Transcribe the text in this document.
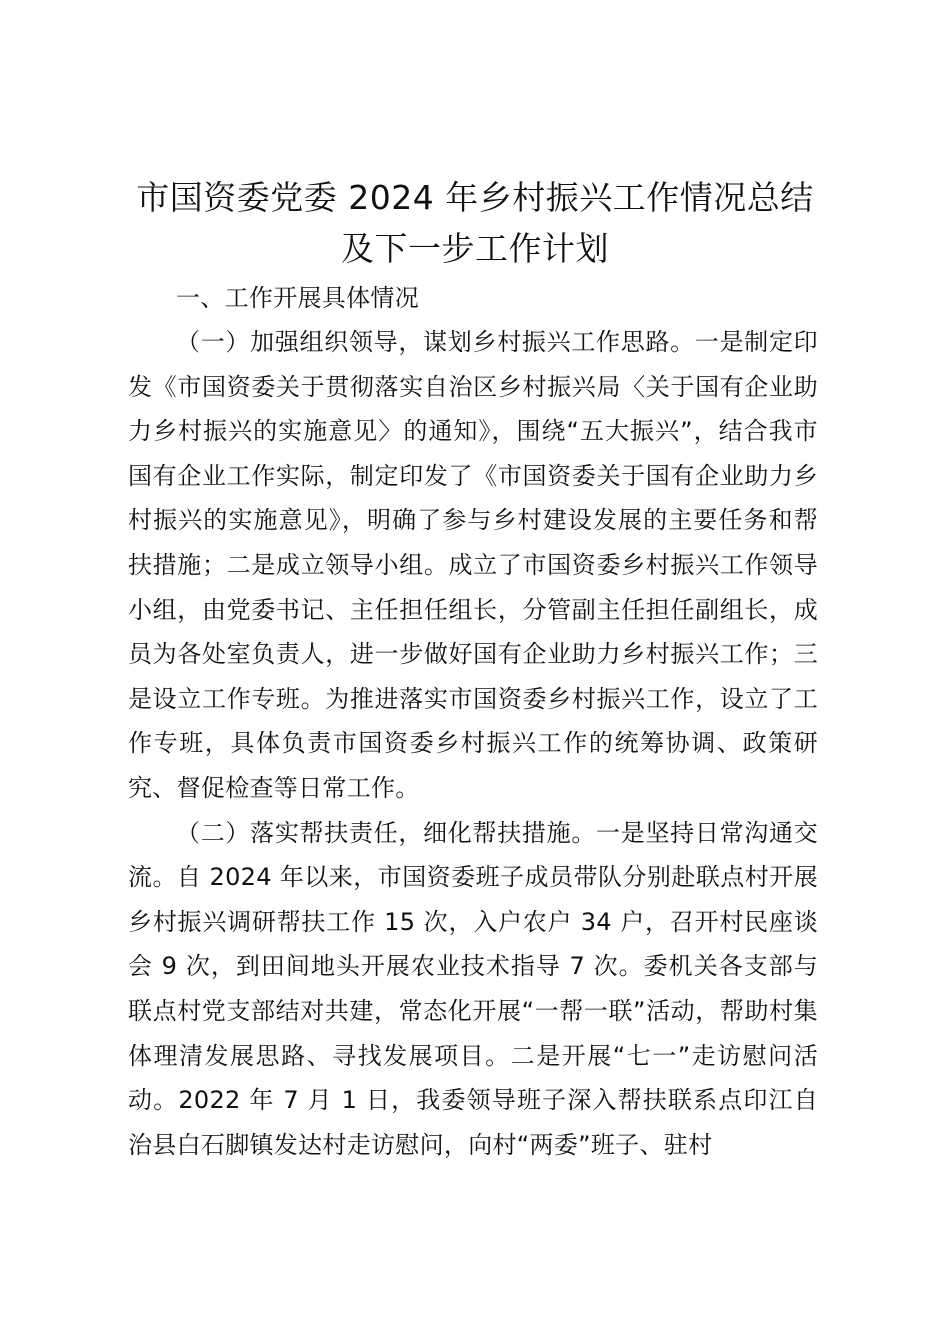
市国资委党委 2024 年乡村振兴工作情况总结
及下一步工作计划

一、工作开展具体情况

（一）加强组织领导，谋划乡村振兴工作思路。一是制定印发《市国资委关于贯彻落实自治区乡村振兴局〈关于国有企业助力乡村振兴的实施意见〉的通知》，围绕“五大振兴”，结合我市国有企业工作实际，制定印发了《市国资委关于国有企业助力乡村振兴的实施意见》，明确了参与乡村建设发展的主要任务和帮扶措施；二是成立领导小组。成立了市国资委乡村振兴工作领导小组，由党委书记、主任担任组长，分管副主任担任副组长，成员为各处室负责人，进一步做好国有企业助力乡村振兴工作；三是设立工作专班。为推进落实市国资委乡村振兴工作，设立了工作专班，具体负责市国资委乡村振兴工作的统筹协调、政策研究、督促检查等日常工作。

（二）落实帮扶责任，细化帮扶措施。一是坚持日常沟通交流。自 2024 年以来，市国资委班子成员带队分别赴联点村开展乡村振兴调研帮扶工作 15 次，入户农户 34 户，召开村民座谈会 9 次，到田间地头开展农业技术指导 7 次。委机关各支部与联点村党支部结对共建，常态化开展“一帮一联”活动，帮助村集体理清发展思路、寻找发展项目。二是开展“七一”走访慰问活动。2022 年 7 月 1 日，我委领导班子深入帮扶联系点印江自治县白石脚镇发达村走访慰问，向村“两委”班子、驻村
